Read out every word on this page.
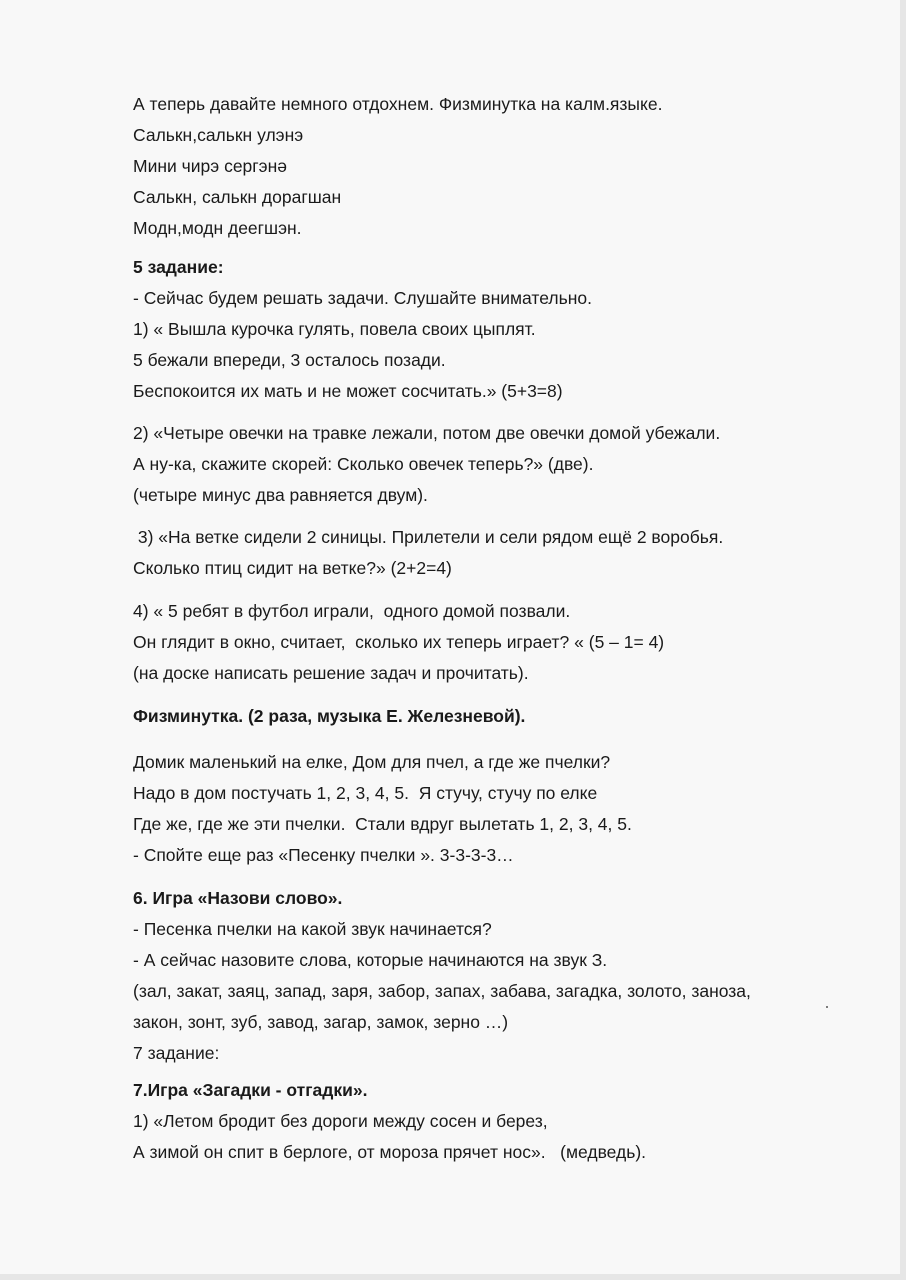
А теперь давайте немного отдохнем. Физминутка на калм.языке.
Салькн,салькн улэнэ
Мини чирэ сергэнә
Салькн, салькн дорагшан
Модн,модн деегшэн.
5 задание:
- Сейчас будем решать задачи. Слушайте внимательно.
1) « Вышла курочка гулять, повела своих цыплят.
5 бежали впереди, 3 осталось позади.
Беспокоится их мать и не может сосчитать.» (5+3=8)
2) «Четыре овечки на травке лежали, потом две овечки домой убежали.
А ну-ка, скажите скорей: Сколько овечек теперь?» (две).
(четыре минус два равняется двум).
3) «На ветке сидели 2 синицы. Прилетели и сели рядом ещё 2 воробья.
Сколько птиц сидит на ветке?» (2+2=4)
4) « 5 ребят в футбол играли,  одного домой позвали.
Он глядит в окно, считает,  сколько их теперь играет? « (5 – 1= 4)
(на доске написать решение задач и прочитать).
Физминутка. (2 раза, музыка Е. Железневой).
Домик маленький на елке, Дом для пчел, а где же пчелки?
Надо в дом постучать 1, 2, 3, 4, 5.  Я стучу, стучу по елке
Где же, где же эти пчелки.  Стали вдруг вылетать 1, 2, 3, 4, 5.
- Спойте еще раз «Песенку пчелки ». 3-3-3-3…
6. Игра «Назови слово».
- Песенка пчелки на какой звук начинается?
- А сейчас назовите слова, которые начинаются на звук З.
(зал, закат, заяц, запад, заря, забор, запах, забава, загадка, золото, заноза,
закон, зонт, зуб, завод, загар, замок, зерно …)
7 задание:
7.Игра «Загадки - отгадки».
1) «Летом бродит без дороги между сосен и берез,
А зимой он спит в берлоге, от мороза прячет нос».   (медведь).
